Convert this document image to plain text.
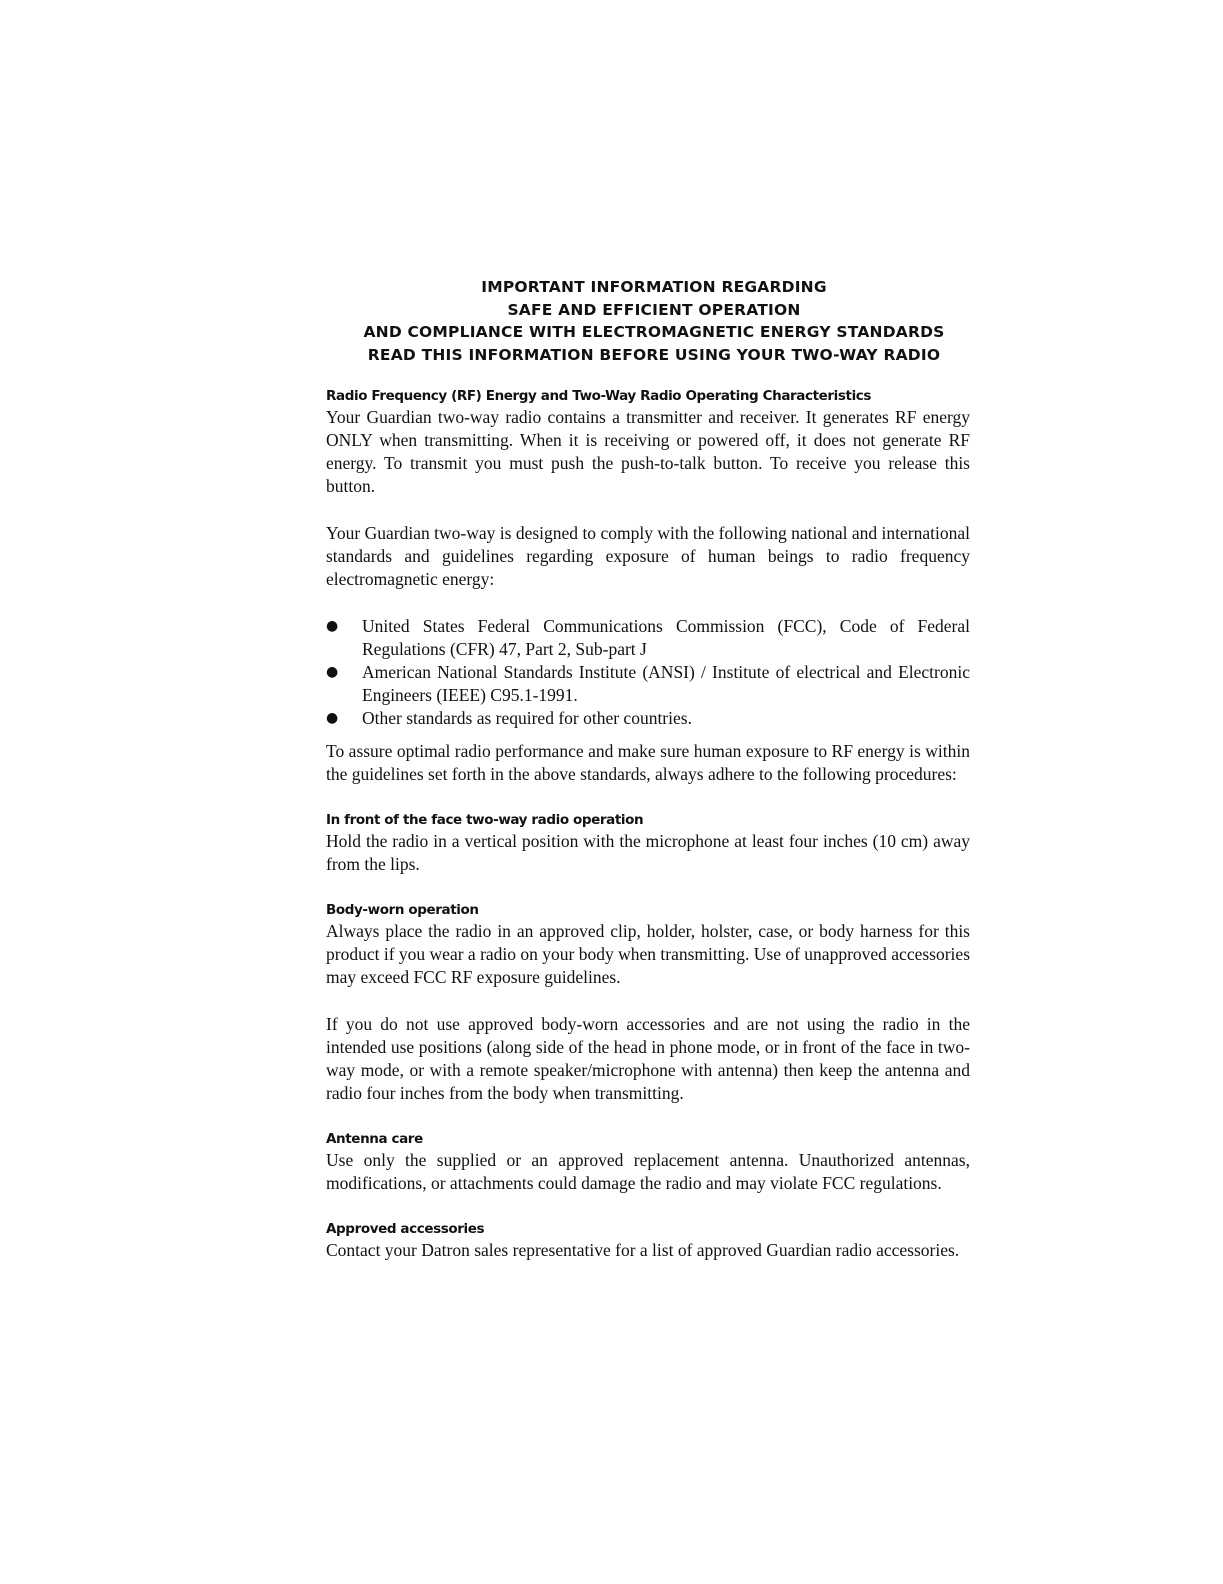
IMPORTANT INFORMATION REGARDING
SAFE AND EFFICIENT OPERATION
AND COMPLIANCE WITH ELECTROMAGNETIC ENERGY STANDARDS
READ THIS INFORMATION BEFORE USING YOUR TWO-WAY RADIO
Radio Frequency (RF) Energy and Two-Way Radio Operating Characteristics

Your Guardian two-way radio contains a transmitter and receiver. It generates RF energy ONLY when transmitting. When it is receiving or powered off, it does not generate RF energy. To transmit you must push the push-to-talk button. To receive you release this button.

Your Guardian two-way is designed to comply with the following national and international standards and guidelines regarding exposure of human beings to radio frequency electromagnetic energy:

● United States Federal Communications Commission (FCC), Code of Federal Regulations (CFR) 47, Part 2, Sub-part J
● American National Standards Institute (ANSI) / Institute of electrical and Electronic Engineers (IEEE) C95.1-1991.
● Other standards as required for other countries.

To assure optimal radio performance and make sure human exposure to RF energy is within the guidelines set forth in the above standards, always adhere to the following procedures:

In front of the face two-way radio operation

Hold the radio in a vertical position with the microphone at least four inches (10 cm) away from the lips.

Body-worn operation

Always place the radio in an approved clip, holder, holster, case, or body harness for this product if you wear a radio on your body when transmitting. Use of unapproved accessories may exceed FCC RF exposure guidelines.

If you do not use approved body-worn accessories and are not using the radio in the intended use positions (along side of the head in phone mode, or in front of the face in two-way mode, or with a remote speaker/microphone with antenna) then keep the antenna and radio four inches from the body when transmitting.

Antenna care

Use only the supplied or an approved replacement antenna. Unauthorized antennas, modifications, or attachments could damage the radio and may violate FCC regulations.

Approved accessories

Contact your Datron sales representative for a list of approved Guardian radio accessories.
